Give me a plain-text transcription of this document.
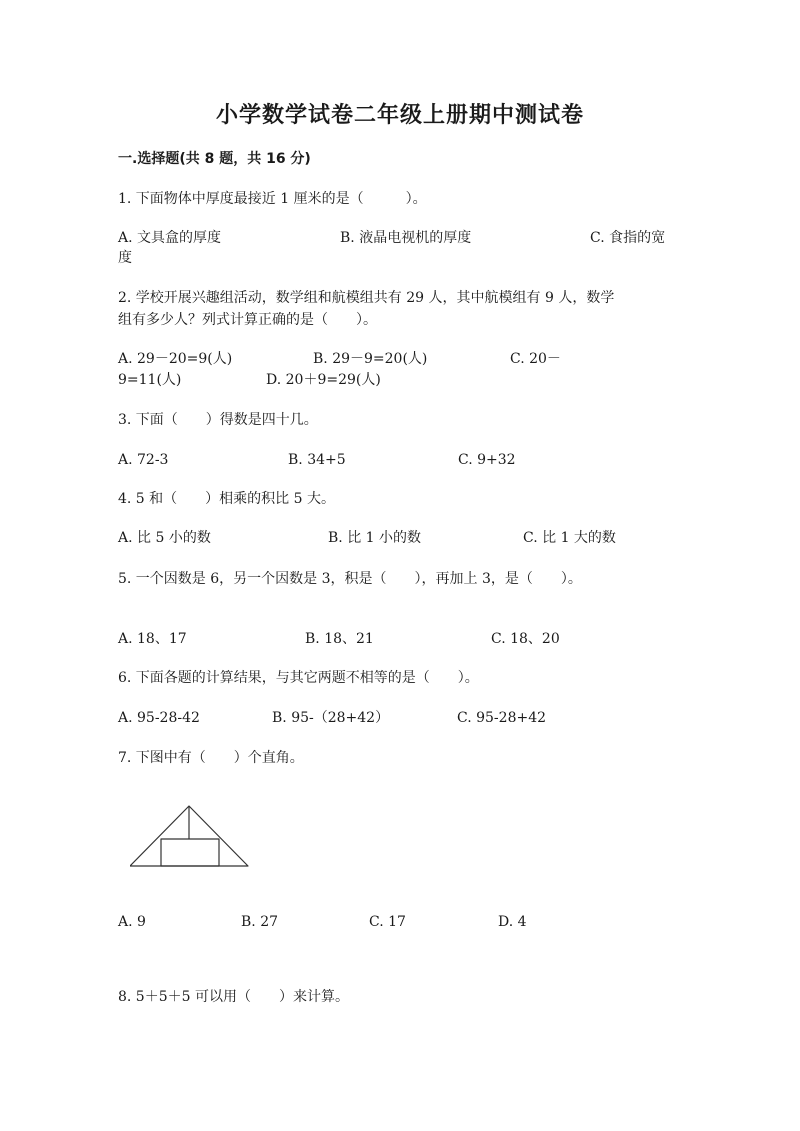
小学数学试卷二年级上册期中测试卷
一.选择题(共 8 题，共 16 分)
1. 下面物体中厚度最接近 1 厘米的是（　　　）。
A. 文具盒的厚度	B. 液晶电视机的厚度	C. 食指的宽
度
2. 学校开展兴趣组活动，数学组和航模组共有 29 人，其中航模组有 9 人，数学
组有多少人？列式计算正确的是（　　）。
A. 29－20=9(人)	B. 29－9=20(人)	C. 20－
9=11(人)	D. 20＋9=29(人)
3. 下面（　　）得数是四十几。
A. 72-3	B. 34+5	C. 9+32
4. 5 和（　　）相乘的积比 5 大。
A. 比 5 小的数	B. 比 1 小的数	C. 比 1 大的数
5. 一个因数是 6，另一个因数是 3，积是（　　），再加上 3，是（　　）。
A. 18、17	B. 18、21	C. 18、20
6. 下面各题的计算结果，与其它两题不相等的是（　　）。
A. 95-28-42	B. 95-（28+42）	C. 95-28+42
7. 下图中有（　　）个直角。
A. 9	B. 27	C. 17	D. 4
8. 5＋5＋5 可以用（　　）来计算。
